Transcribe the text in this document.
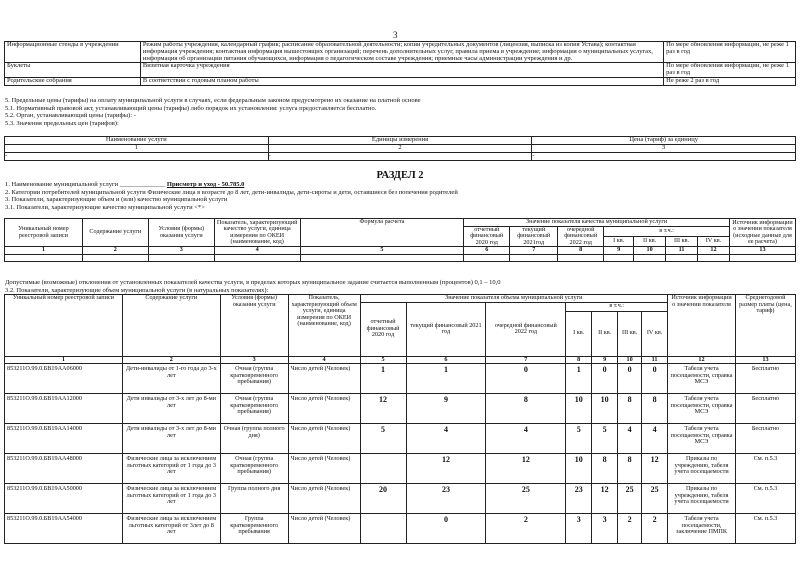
3
Информационные стенды в учреждении	Режим работы учреждения, календарный график; расписание образовательной деятельности; копии учредительных документов (лицензия, выписка из копия Устава); контактная информация учреждения; контактная информация вышестоящих организаций; перечень дополнительных услуг, правила приема в учреждение; информация о муниципальных услугах, информация об организации питания обучающихся, информация о педагогическом составе учреждения; приемные часы администрации учреждения и др.	По мере обновления информации, не реже 1 раз в год
Буклеты	Визитная карточка учреждения	По мере обновления информации, не реже 1 раз в год
Родительские собрания	В соответствии с годовым планом работы	Не реже 2 раз в год
5. Предельные цены (тарифы) на оплату муниципальной услуги в случаях, если федеральным законом предусмотрено их оказание на платной основе
5.1. Нормативный правовой акт, устанавливающий цены (тарифы) либо порядок их установления: услуга предоставляется бесплатно.
5.2. Орган, устанавливающий цены (тарифы): -
5.3. Значения предельных цен (тарифов):
Наименование услуги	Единицы измерения	Цена (тариф) за единицу
1	2	3
-	-	-
РАЗДЕЛ 2
1. Наименование муниципальной услуги ______________ Присмотр и уход - 50.785.0
2. Категории потребителей муниципальной услуги Физические лица в возрасте до 8 лет, дети-инвалиды, дети-сироты и дети, оставшиеся без попечения родителей
3. Показатели, характеризующие объем и (или) качество муниципальной услуги
3.1. Показатели, характеризующие качество муниципальной услуги <*>
Уникальный номер реестровой записи	Содержание услуги	Условия (формы) оказания услуги	Показатель, характеризующий качество услуги, единица измерения по ОКЕИ (наименование, код)	Формула расчета	Значение показателя качества муниципальной услуги							Источник информации о значении показателя (исходные данные для ее расчета)
					отчетный финансовый 2020 год	текущий финансовый 2021год	очередной финансовый 2022 год	в т.ч.:				
								I кв.	II кв.	III кв.	IV кв.	
1	2	3	4	5	6	7	8	9	10	11	12	13

Допустимые (возможные) отклонения от установленных показателей качества услуги, в пределах которых муниципальное задание считается выполненным (процентов) 0,1 – 10,0
3.2. Показатели, характеризующие объем муниципальной услуги (в натуральных показателях):
Уникальный номер реестровой записи	Содержание услуги	Условия (формы) оказания услуги	Показатель, характеризующий объем услуги, единица измерения по ОКЕИ (наименование, код)	Значение показателя объема муниципальной услуги							Источник информации о значении показателя	Среднегодовой размер платы (цена, тариф)
				отчетный финансовый 2020 год	текущий финансовый 2021 год	очередной финансовый 2022 год	в т.ч.:					
							I кв.	II кв.	III кв.	IV кв.		
1	2	3	4	5	6	7	8	9	10	11	12	13
853211О.99.0.БВ19АА06000	Дети-инвалиды от 1-го года до 3-х лет	Очная (группа кратковременного пребывания)	Число детей (Человек)	1	1	0	1	0	0	0	Табеля учета посещаемости, справка МСЭ	Бесплатно
853211О.99.0.БВ19АА12000	Дети инвалиды от 3-х лет до 8-ми лет	Очная (группа кратковременного пребывания)	Число детей (Человек)	12	9	8	10	10	8	8	Табеля учета посещаемости, справка МСЭ	Бесплатно
853211О.99.0.БВ19АА14000	Дети инвалиды от 3-х лет до 8-ми лет	Очная (группа полного дня)	Число детей (Человек)	5	4	4	5	5	4	4	Табеля учета посещаемости, справка МСЭ	Бесплатно
853211О.99.0.БВ19АА48000	Физические лица за исключением льготных категорий от 1 года до 3 лет	Очная (группа кратковременного пребывания)	Число детей (Человек)		12	12	10	8	8	12	Приказы по учреждению, табеля учета посещаемости	См. п.5.3
853211О.99.0.БВ19АА50000	Физические лица за исключением льготных категорий от 1 года до 3 лет	Группа полного дня	Число детей (Человек)	20	23	25	23	12	25	25	Приказы по учреждению, табеля учета посещаемости	См. п.5.3
853211О.99.0.БВ19АА54000	Физические лица за исключением льготных категорий от 3лет до 8 лет	Группа кратковременного пребывания	Число детей (Человек)		0	2	3	3	2	2	Табеля учета посещаемости, заключение ПМПК	См. п.5.3
